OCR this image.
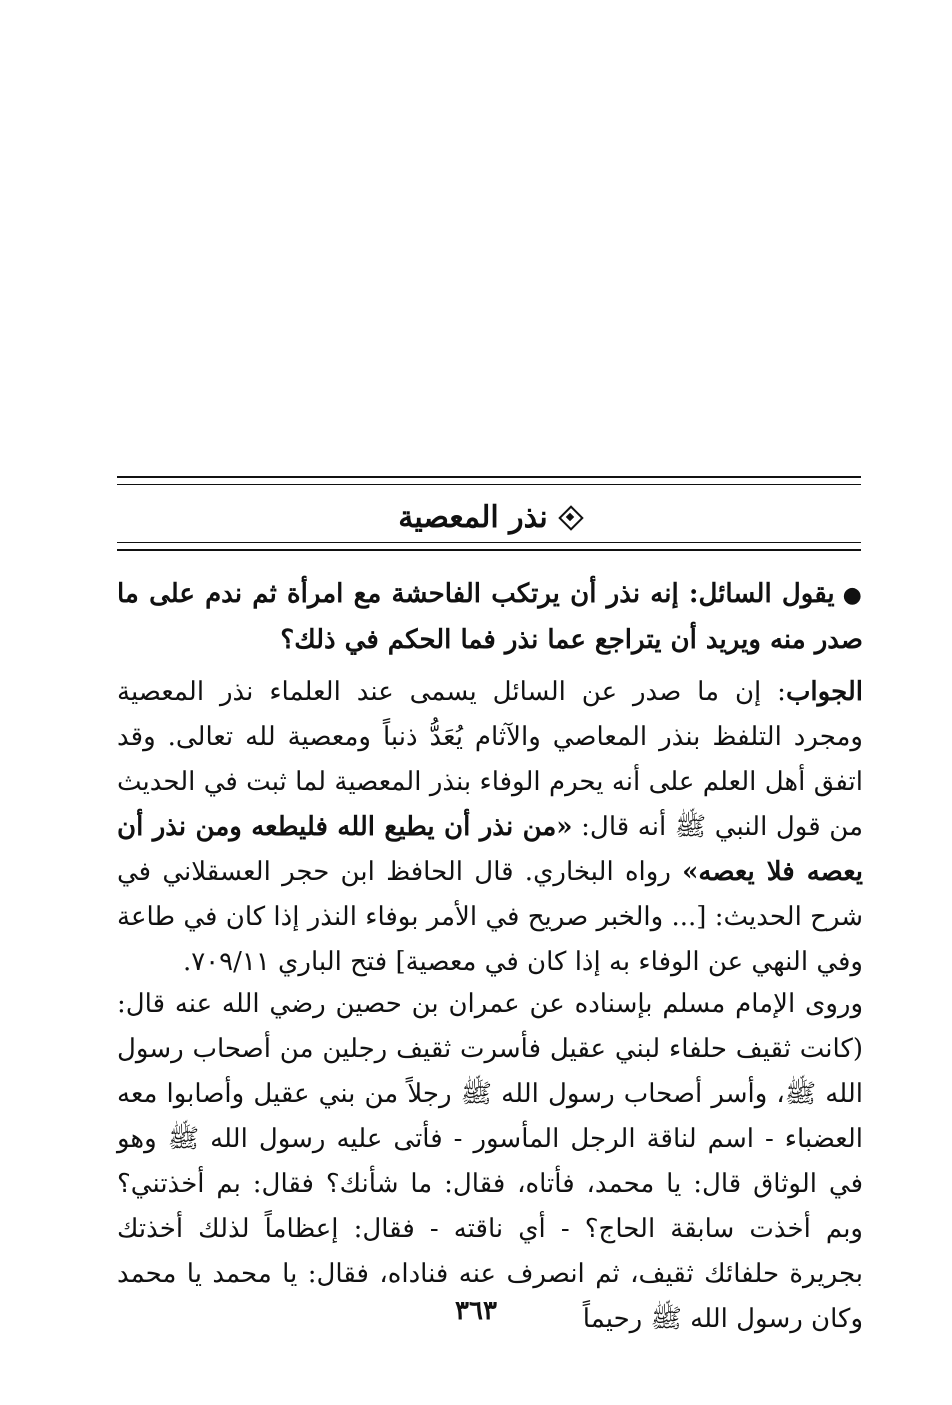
نذر المعصية

●يقول السائل: إنه نذر أن يرتكب الفاحشة مع امرأة ثم ندم على ما صدر منه ويريد أن يتراجع عما نذر فما الحكم في ذلك؟

الجواب: إن ما صدر عن السائل يسمى عند العلماء نذر المعصية ومجرد التلفظ بنذر المعاصي والآثام يُعَدُّ ذنباً ومعصية لله تعالى. وقد اتفق أهل العلم على أنه يحرم الوفاء بنذر المعصية لما ثبت في الحديث من قول النبي ﷺ أنه قال: «من نذر أن يطيع الله فليطعه ومن نذر أن يعصه فلا يعصه» رواه البخاري. قال الحافظ ابن حجر العسقلاني في شرح الحديث: [... والخبر صريح في الأمر بوفاء النذر إذا كان في طاعة وفي النهي عن الوفاء به إذا كان في معصية] فتح الباري ٧٠٩/١١.

وروى الإمام مسلم بإسناده عن عمران بن حصين رضي الله عنه قال: (كانت ثقيف حلفاء لبني عقيل فأسرت ثقيف رجلين من أصحاب رسول الله ﷺ، وأسر أصحاب رسول الله ﷺ رجلاً من بني عقيل وأصابوا معه العضباء - اسم لناقة الرجل المأسور - فأتى عليه رسول الله ﷺ وهو في الوثاق قال: يا محمد، فأتاه، فقال: ما شأنك؟ فقال: بم أخذتني؟ وبم أخذت سابقة الحاج؟ - أي ناقته - فقال: إعظاماً لذلك أخذتك بجريرة حلفائك ثقيف، ثم انصرف عنه فناداه، فقال: يا محمد يا محمد وكان رسول الله ﷺ رحيماً

٣٦٣
